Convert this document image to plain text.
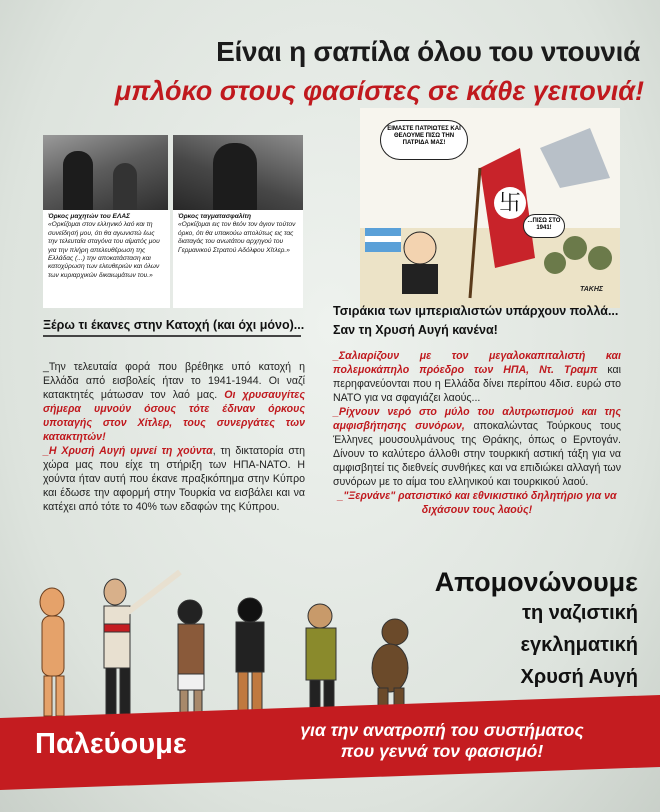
Είναι η σαπίλα όλου του ντουνιά
μπλόκο στους φασίστες σε κάθε γειτονιά!
Όρκος μαχητών του ΕΛΑΣ
«Ορκίζομαι στον ελληνικό λαό και τη συνείδησή μου, ότι θα αγωνιστώ έως την τελευταία σταγόνα του αίματός μου για την πλήρη απελευθέρωση της Ελλάδας (...) την αποκατάσταση και κατοχύρωση των ελευθεριών και όλων των κυριαρχικών δικαιωμάτων του.»
Όρκος ταγματασφαλίτη
«Ορκίζομαι εις τον θεόν τον άγιον τούτον όρκο, ότι θα υπακούω απολύτως εις τας διαταγάς του ανωτάτου αρχηγού του Γερμανικού Στρατού Αδόλφου Χίτλερ.»
卐
ΕΙΜΑΣΤΕ ΠΑΤΡΙΩΤΕΣ ΚΑΙ ΘΕΛΟΥΜΕ ΠΙΣΩ ΤΗΝ ΠΑΤΡΙΔΑ ΜΑΣ!
...ΠΙΣΩ ΣΤΟ 1941!
ΤΑΚΗΣ
Ξέρω τι έκανες στην Κατοχή (και όχι μόνο)...

_Την τελευταία φορά που βρέθηκε υπό κατοχή η Ελλάδα από εισβολείς ήταν το 1941-1944. Οι ναζί κατακτητές μάτωσαν τον λαό μας. Οι χρυσαυγίτες σήμερα υμνούν όσους τότε έδιναν όρκους υποταγής στον Χίτλερ, τους συνεργάτες των κατακτητών!

_Η Χρυσή Αυγή υμνεί τη χούντα, τη δικτατορία στη χώρα μας που είχε τη στήριξη των ΗΠΑ-ΝΑΤΟ. Η χούντα ήταν αυτή που έκανε πραξικόπημα στην Κύπρο και έδωσε την αφορμή στην Τουρκία να εισβάλει και να κατέχει από τότε το 40% των εδαφών της Κύπρου.

Τσιράκια των ιμπεριαλιστών υπάρχουν πολλά...
Σαν τη Χρυσή Αυγή κανένα!

_Σαλιαρίζουν με τον μεγαλοκαπιταλιστή και πολεμοκάπηλο πρόεδρο των ΗΠΑ, Ντ. Τραμπ και περηφανεύονται που η Ελλάδα δίνει περίπου 4δισ. ευρώ στο ΝΑΤΟ για να σφαγιάζει λαούς...

_Ρίχνουν νερό στο μύλο του αλυτρωτισμού και της αμφισβήτησης συνόρων, αποκαλώντας Τούρκους τους Έλληνες μουσουλμάνους της Θράκης, όπως ο Ερντογάν. Δίνουν το καλύτερο άλλοθι στην τουρκική αστική τάξη για να αμφισβητεί τις διεθνείς συνθήκες και να επιδιώκει αλλαγή των συνόρων με το αίμα του ελληνικού και τουρκικού λαού.

_"Ξερνάνε" ρατσιστικό και εθνικιστικό δηλητήριο για να διχάσουν τους λαούς!

Απομονώνουμε
τη ναζιστική
εγκληματική
Χρυσή Αυγή
Παλεύουμε	για την ανατροπή του συστήματος
που γεννά τον φασισμό!
